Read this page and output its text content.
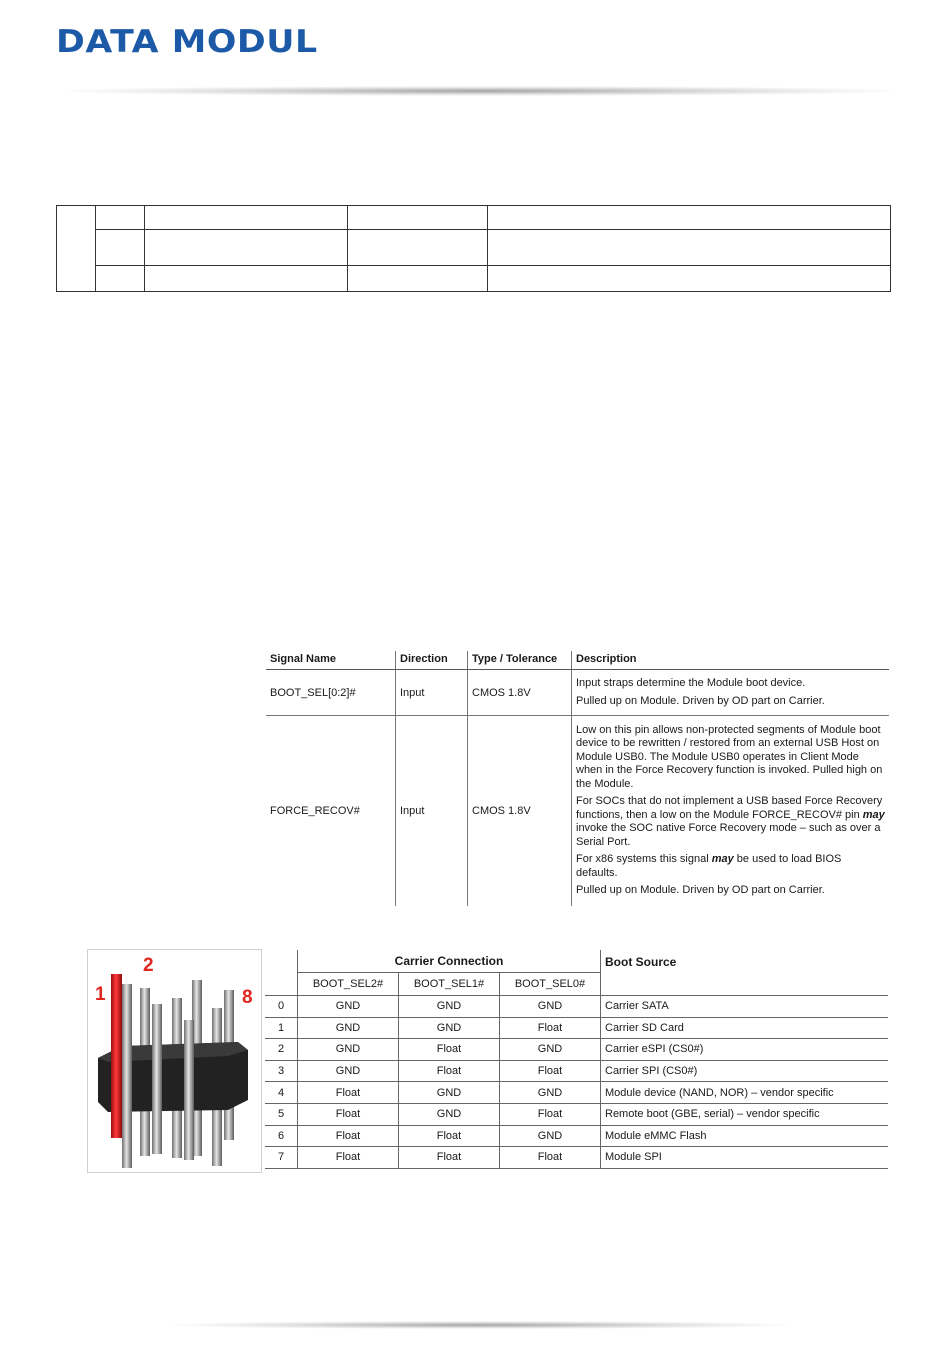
DATA MODUL

Signal Name	Direction	Type / Tolerance	Description
BOOT_SEL[0:2]#	Input	CMOS 1.8V	Input straps determine the Module boot device.

Pulled up on Module. Driven by OD part on Carrier.

FORCE_RECOV#	Input	CMOS 1.8V	Low on this pin allows non-protected segments of Module boot device to be rewritten / restored from an external USB Host on Module USB0. The Module USB0 operates in Client Mode when in the Force Recovery function is invoked. Pulled high on the Module.

For SOCs that do not implement a USB based Force Recovery functions, then a low on the Module FORCE_RECOV# pin may invoke the SOC native Force Recovery mode – such as over a Serial Port.

For x86 systems this signal may be used to load BIOS defaults.

Pulled up on Module. Driven by OD part on Carrier.

1
2
8
	Carrier Connection			Boot Source
	BOOT_SEL2#	BOOT_SEL1#	BOOT_SEL0#	
0	GND	GND	GND	Carrier SATA
1	GND	GND	Float	Carrier SD Card
2	GND	Float	GND	Carrier eSPI (CS0#)
3	GND	Float	Float	Carrier SPI (CS0#)
4	Float	GND	GND	Module device (NAND, NOR) – vendor specific
5	Float	GND	Float	Remote boot (GBE, serial) – vendor specific
6	Float	Float	GND	Module eMMC Flash
7	Float	Float	Float	Module SPI
